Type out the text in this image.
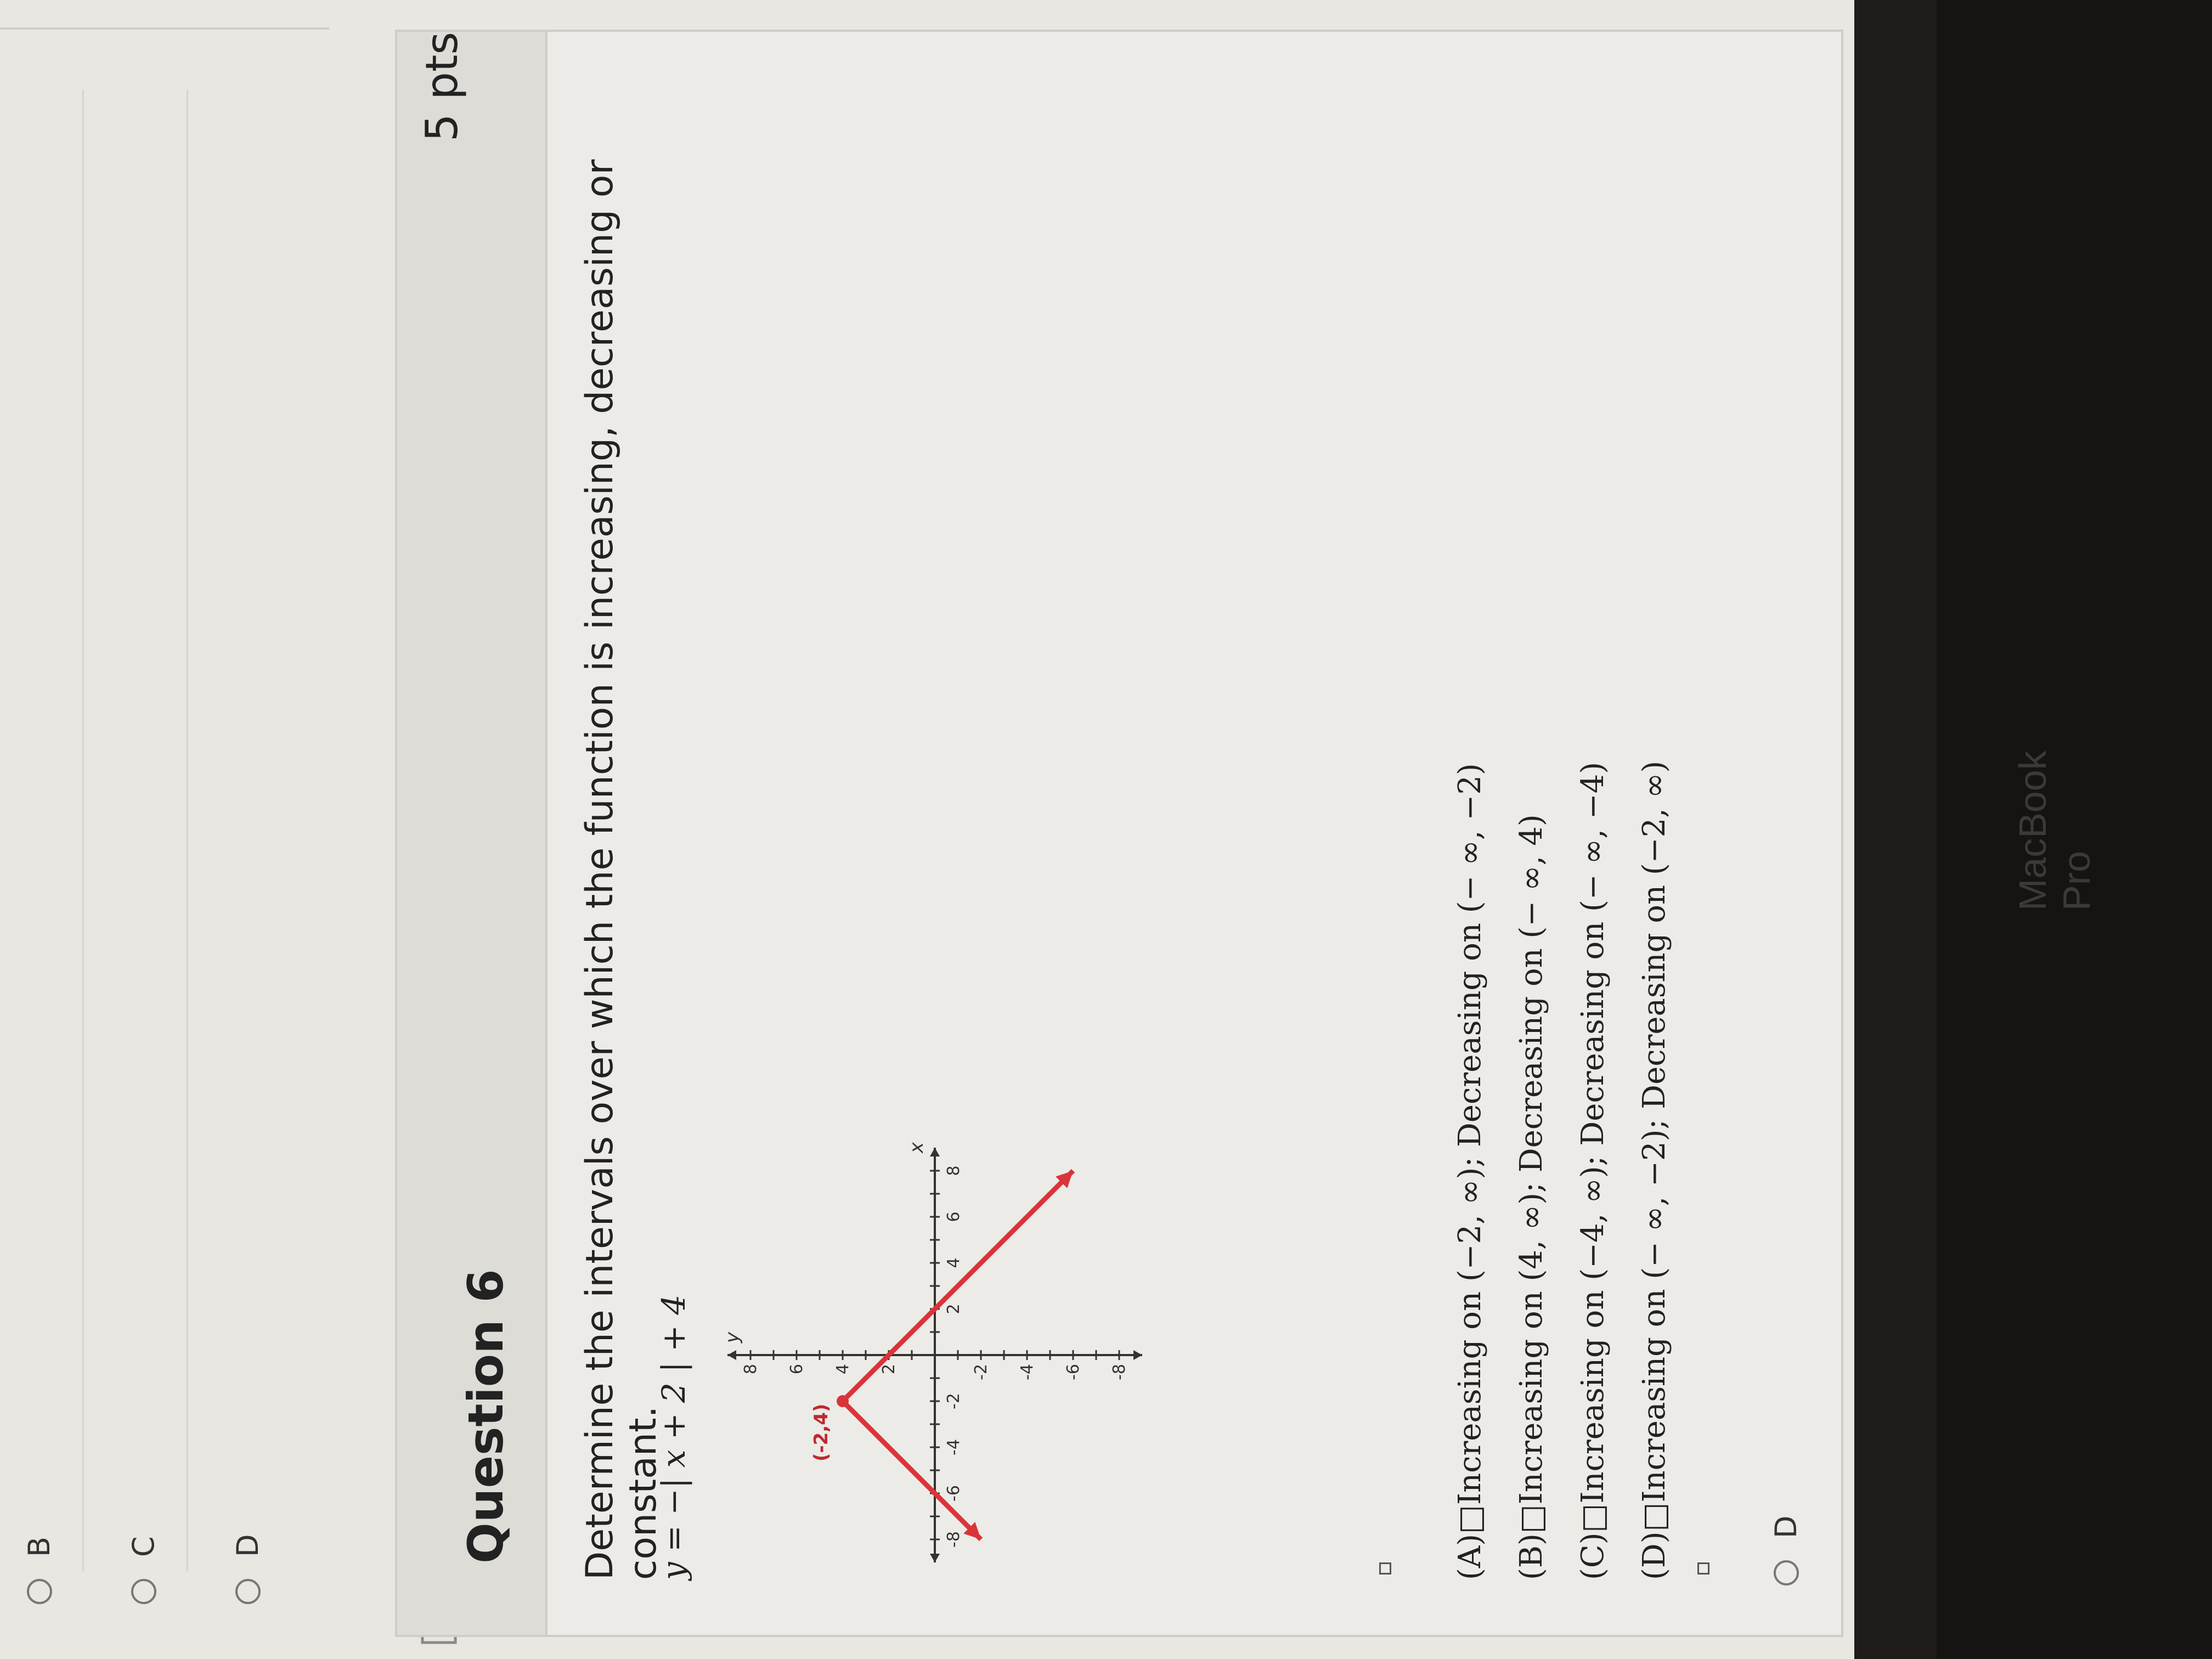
MacBook Pro
B C D	Question 6
5 pts
Determine the intervals over which the function is increasing, decreasing or constant.
y = −| x + 2 | + 4	-8
-6
-4
-2
2
4
6
8
8 6 4 2	-2 -4 -6 -8
(-2,4)
x
y	(A)□Increasing on (−2, ∞); Decreasing on (− ∞, −2) (B)□Increasing on (4, ∞); Decreasing on (− ∞, 4) (C)□Increasing on (−4, ∞); Decreasing on (− ∞, −4) (D)□Increasing on (− ∞, −2); Decreasing on (−2, ∞)	D
